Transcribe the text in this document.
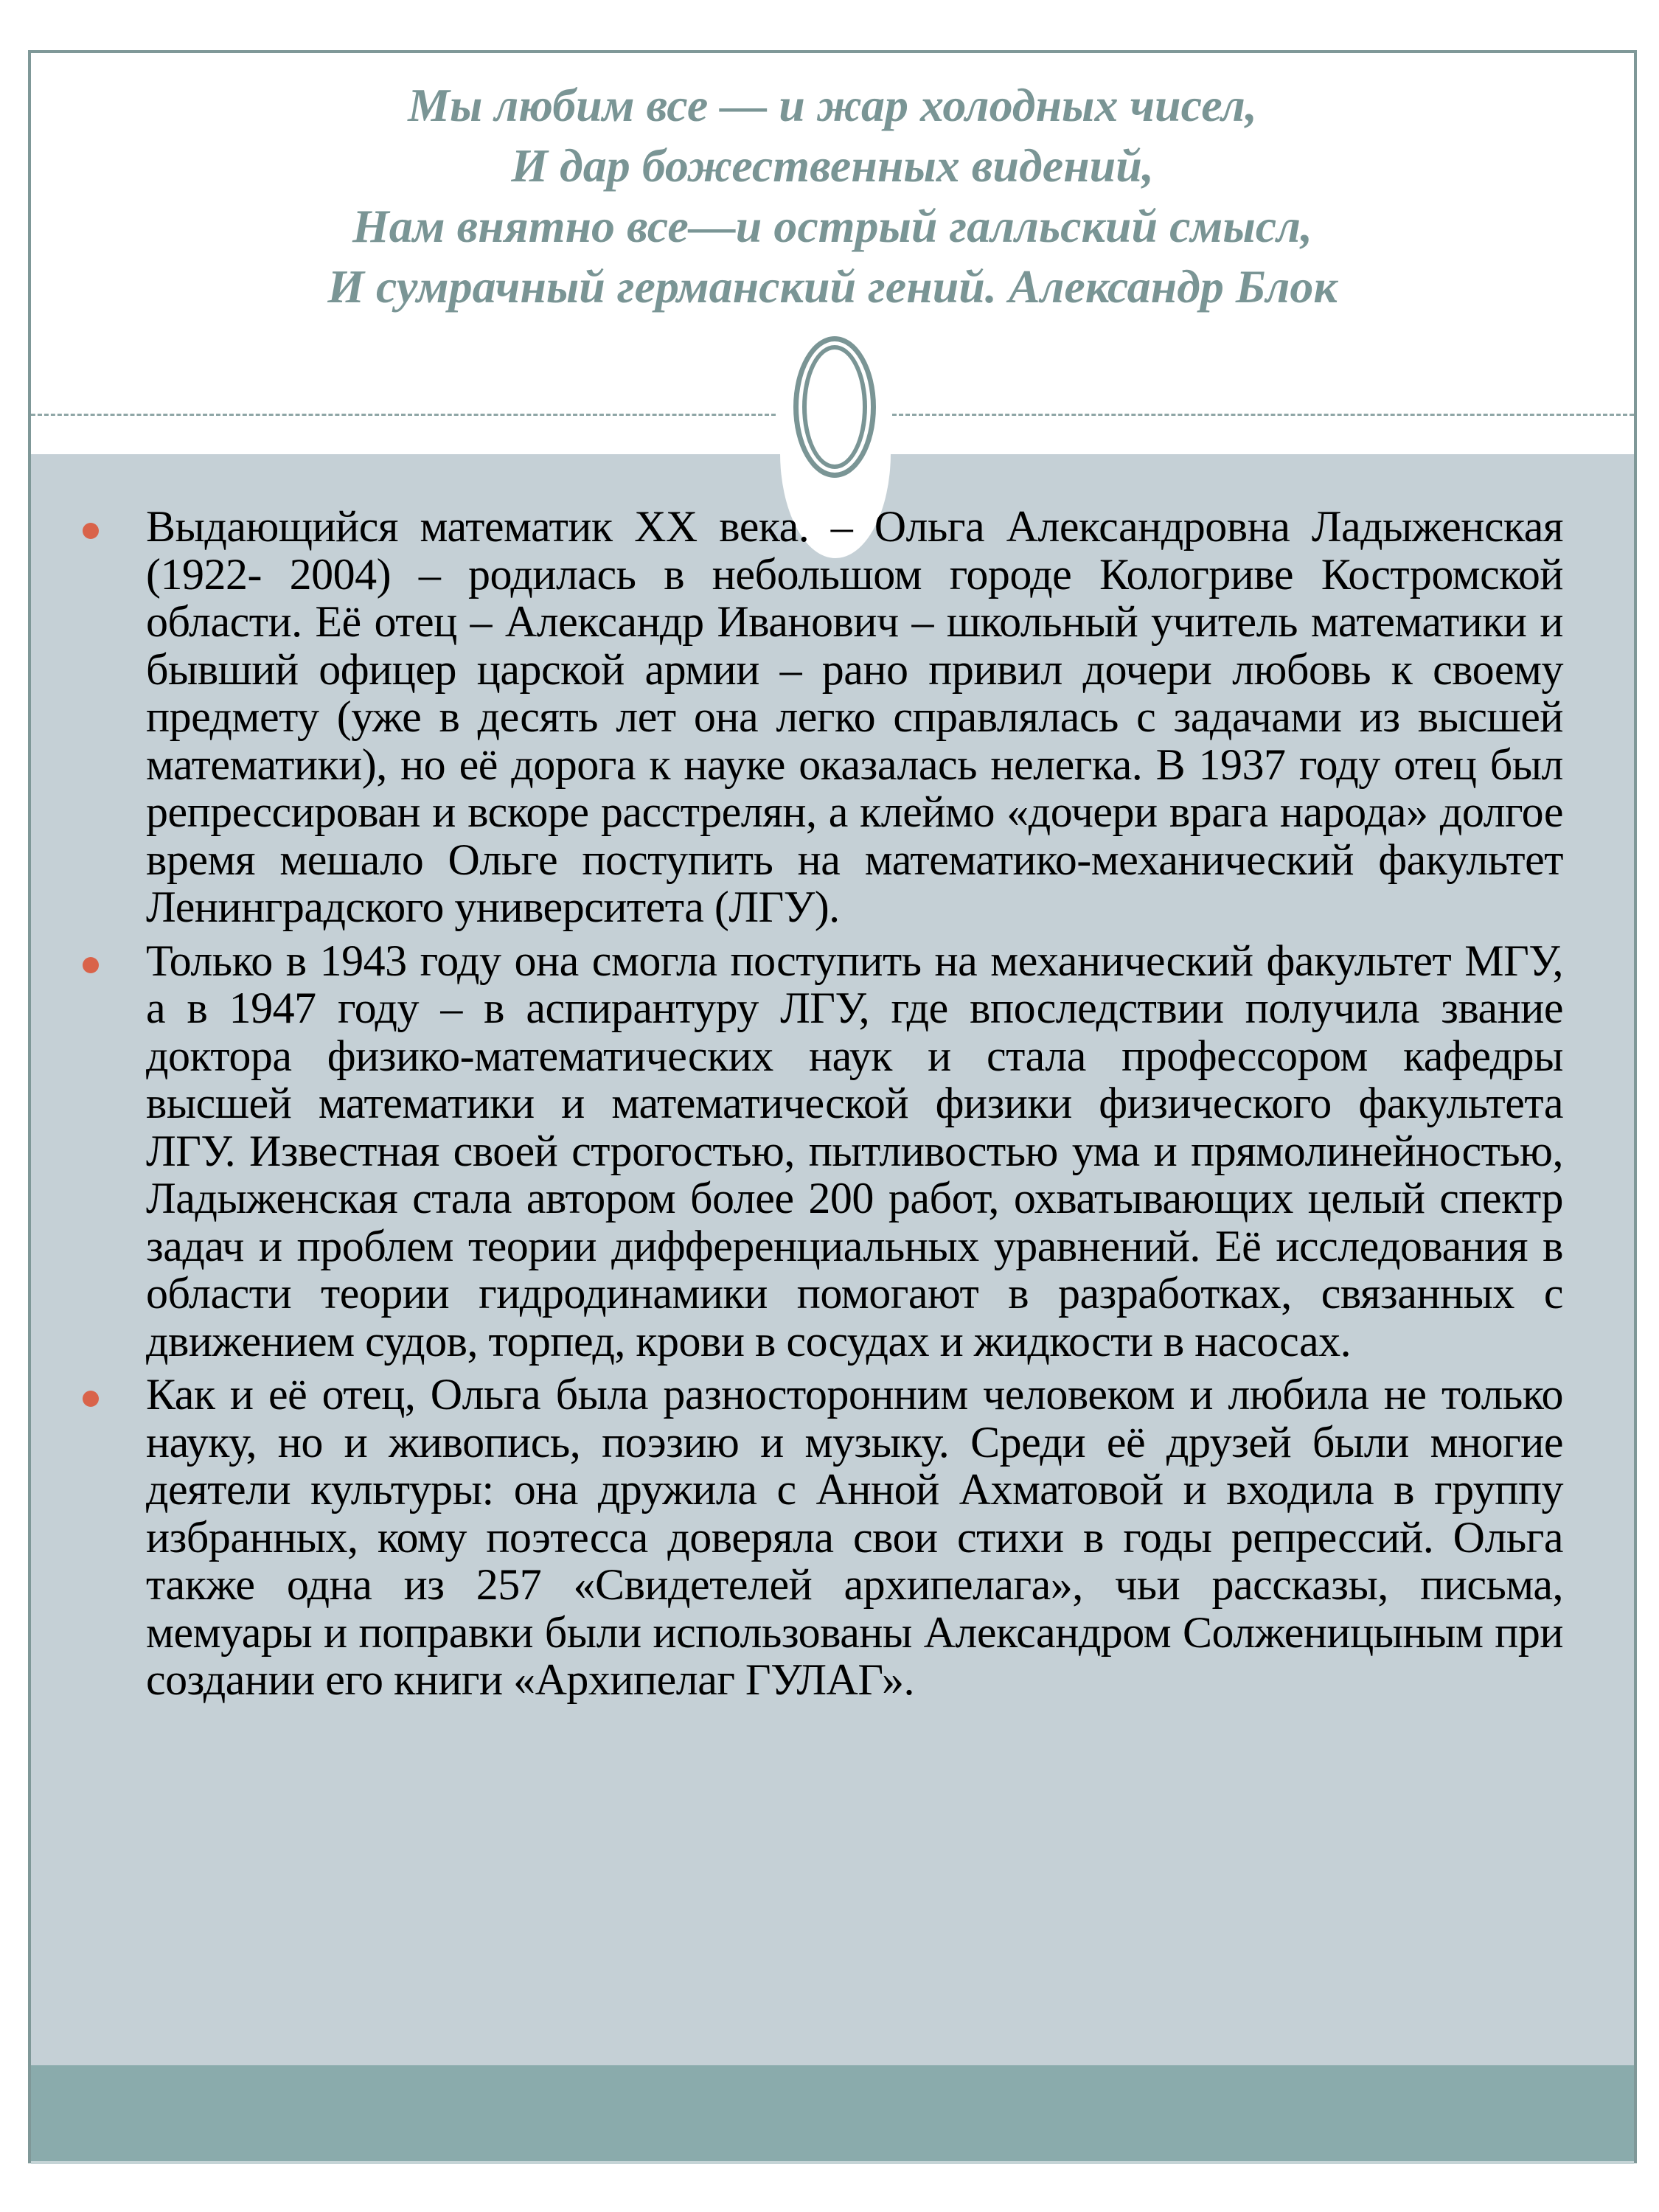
Мы любим все — и жар холодных чисел,
И дар божественных видений,
Нам внятно все—и острый галльский смысл,
И сумрачный германский гений. Александр Блок
Выдающийся математик XX века. – Ольга Александровна Ладыженская (1922- 2004) – родилась в небольшом городе Кологриве Костромской области. Её отец – Александр Иванович – школьный учитель математики и бывший офицер царской армии – рано привил дочери любовь к своему предмету (уже в десять лет она легко справлялась с задачами из высшей математики), но её дорога к науке оказалась нелегка. В 1937 году отец был репрессирован и вскоре расстрелян, а клеймо «дочери врага народа» долгое время мешало Ольге поступить на математико-механический факультет Ленинградского университета (ЛГУ).
Только в 1943 году она смогла поступить на механический факультет МГУ, а в 1947 году – в аспирантуру ЛГУ, где впоследствии получила звание доктора физико-математических наук и стала профессором кафедры высшей математики и математической физики физического факультета ЛГУ. Известная своей строгостью, пытливостью ума и прямолинейностью, Ладыженская стала автором более 200 работ, охватывающих целый спектр задач и проблем теории дифференциальных уравнений. Её исследования в области теории гидродинамики помогают в разработках, связанных с движением судов, торпед, крови в сосудах и жидкости в насосах.
Как и её отец, Ольга была разносторонним человеком и любила не только науку, но и живопись, поэзию и музыку. Среди её друзей были многие деятели культуры: она дружила с Анной Ахматовой и входила в группу избранных, кому поэтесса доверяла свои стихи в годы репрессий. Ольга также одна из 257 «Свидетелей архипелага», чьи рассказы, письма, мемуары и поправки были использованы Александром Солженицыным при создании его книги «Архипелаг ГУЛАГ».
